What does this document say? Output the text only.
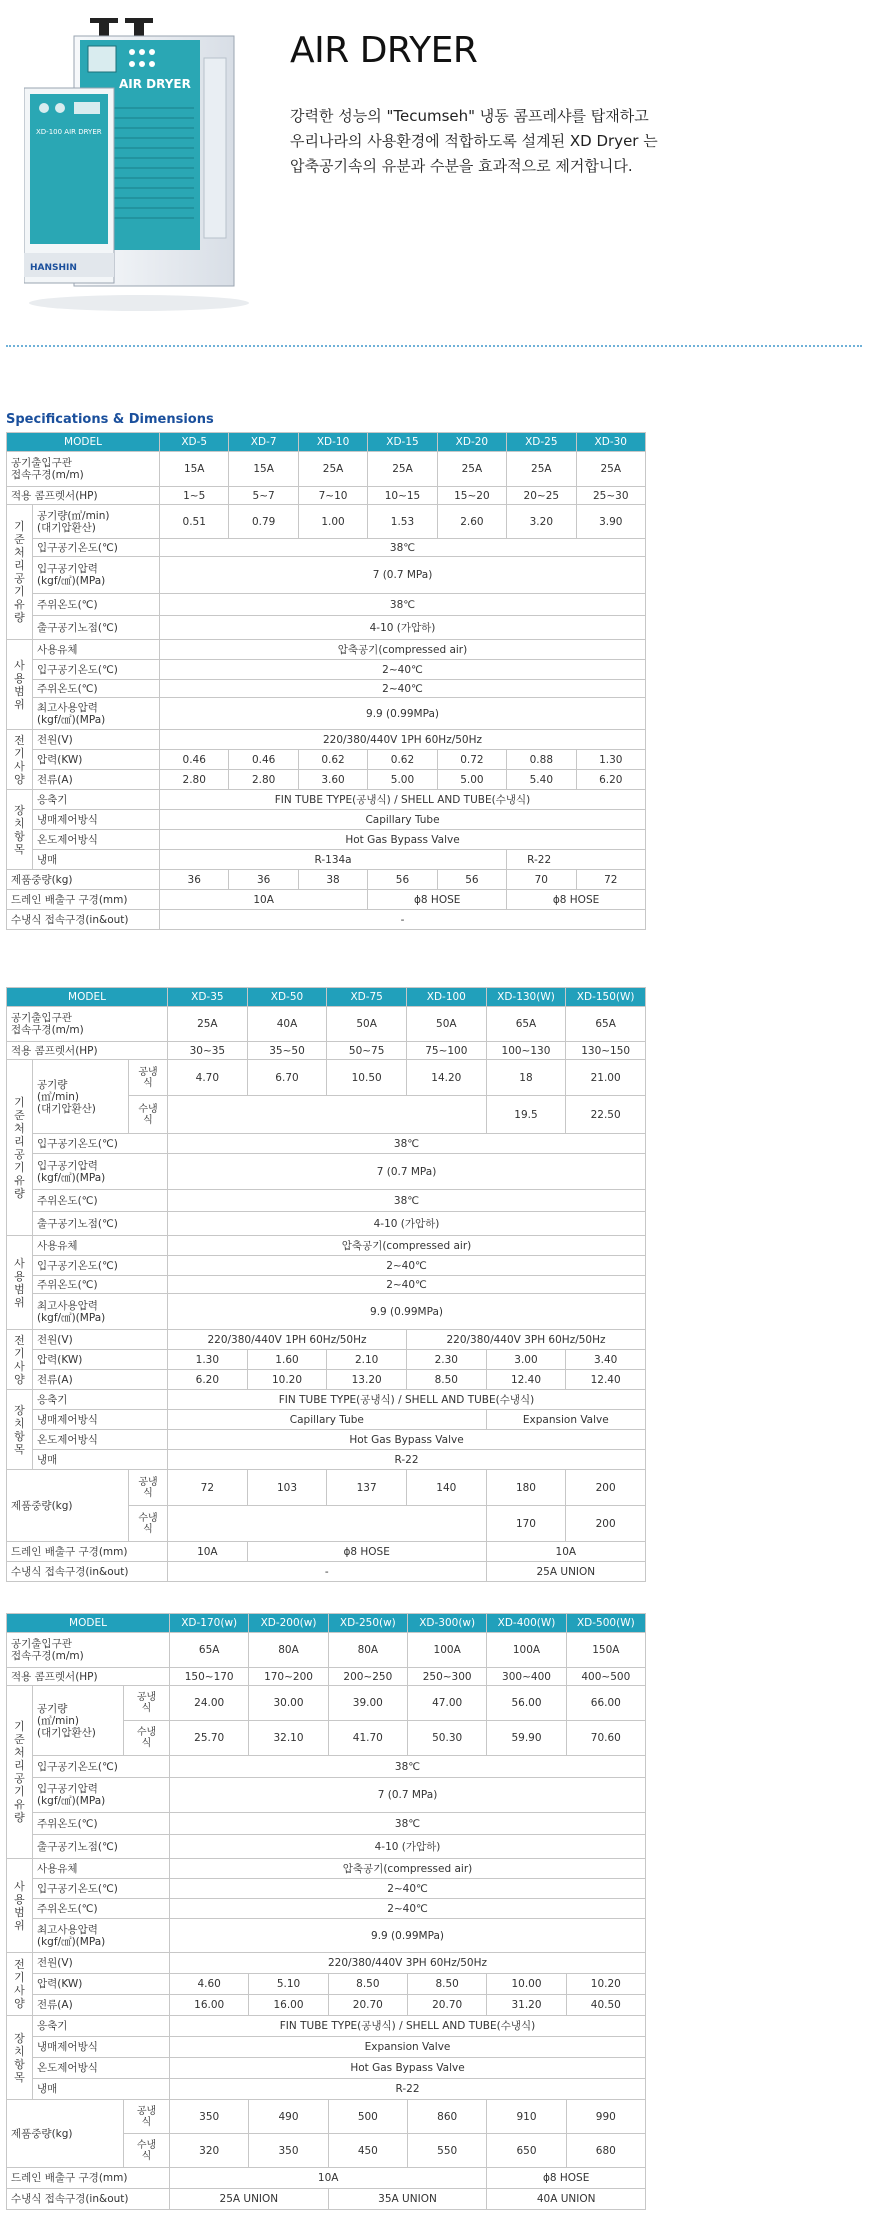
AIR DRYER
XD-100 AIR DRYER
HANSHIN
AIR DRYER
강력한 성능의 "Tecumseh" 냉동 콤프레샤를 탑재하고
우리나라의 사용환경에 적합하도록 설계된 XD Dryer 는
압축공기속의 유분과 수분을 효과적으로 제거합니다.
Specifications & Dimensions
MODEL		XD-5	XD-7	XD-10	XD-15	XD-20	XD-25	XD-30
공기출입구관
접속구경(m/m)		15A	15A	25A	25A	25A	25A	25A
적용 콤프렛서(HP)		1~5	5~7	7~10	10~15	15~20	20~25	25~30
기준
처리
공기
유량	공기량(㎥/min)
(대기압환산)	0.51	0.79	1.00	1.53	2.60	3.20	3.90
	입구공기온도(℃)	38℃						
	입구공기압력
(kgf/㎠)(MPa)	7 (0.7 MPa)						
	주위온도(℃)	38℃						
	출구공기노점(℃)	4-10 (가압하)						
사용
범위	사용유체	압축공기(compressed air)						
	입구공기온도(℃)	2~40℃						
	주위온도(℃)	2~40℃						
	최고사용압력
(kgf/㎠)(MPa)	9.9 (0.99MPa)						
전기
사양	전원(V)	220/380/440V 1PH 60Hz/50Hz						
	압력(KW)	0.46	0.46	0.62	0.62	0.72	0.88	1.30
	전류(A)	2.80	2.80	3.60	5.00	5.00	5.40	6.20
장치
항목	응축기	FIN TUBE TYPE(공냉식) / SHELL AND TUBE(수냉식)						
	냉매제어방식	Capillary Tube						
	온도제어방식	Hot Gas Bypass Valve						
	냉매	R-134a					R-22	
제품중량(kg)		36	36	38	56	56	70	72
드레인 배출구 구경(mm)		10A			ϕ8 HOSE		ϕ8 HOSE	
수냉식 접속구경(in&out)		-						
MODEL			XD-35	XD-50	XD-75	XD-100	XD-130(W)	XD-150(W)
공기출입구관
접속구경(m/m)			25A	40A	50A	50A	65A	65A
적용 콤프렛서(HP)			30~35	35~50	50~75	75~100	100~130	130~150
기준
처리
공기
유량	공기량
(㎥/min)
(대기압환산)	공냉
식	4.70	6.70	10.50	14.20	18	21.00
		수냉
식					19.5	22.50
	입구공기온도(℃)		38℃					
	입구공기압력
(kgf/㎠)(MPa)		7 (0.7 MPa)					
	주위온도(℃)		38℃					
	출구공기노점(℃)		4-10 (가압하)					
사용
범위	사용유체		압축공기(compressed air)					
	입구공기온도(℃)		2~40℃					
	주위온도(℃)		2~40℃					
	최고사용압력
(kgf/㎠)(MPa)		9.9 (0.99MPa)					
전기
사양	전원(V)		220/380/440V 1PH 60Hz/50Hz			220/380/440V 3PH 60Hz/50Hz		
	압력(KW)		1.30	1.60	2.10	2.30	3.00	3.40
	전류(A)		6.20	10.20	13.20	8.50	12.40	12.40
장치
항목	응축기		FIN TUBE TYPE(공냉식) / SHELL AND TUBE(수냉식)					
	냉매제어방식		Capillary Tube				Expansion Valve	
	온도제어방식		Hot Gas Bypass Valve					
	냉매		R-22					
제품중량(kg)		공냉
식	72	103	137	140	180	200
		수냉
식					170	200
드레인 배출구 구경(mm)			10A	ϕ8 HOSE			10A	
수냉식 접속구경(in&out)			-				25A UNION	
MODEL			XD-170(w)	XD-200(w)	XD-250(w)	XD-300(w)	XD-400(W)	XD-500(W)
공기출입구관
접속구경(m/m)			65A	80A	80A	100A	100A	150A
적용 콤프렛서(HP)			150~170	170~200	200~250	250~300	300~400	400~500
기준
처리
공기
유량	공기량
(㎥/min)
(대기압환산)	공냉
식	24.00	30.00	39.00	47.00	56.00	66.00
		수냉
식	25.70	32.10	41.70	50.30	59.90	70.60
	입구공기온도(℃)		38℃					
	입구공기압력
(kgf/㎠)(MPa)		7 (0.7 MPa)					
	주위온도(℃)		38℃					
	출구공기노점(℃)		4-10 (가압하)					
사용
범위	사용유체		압축공기(compressed air)					
	입구공기온도(℃)		2~40℃					
	주위온도(℃)		2~40℃					
	최고사용압력
(kgf/㎠)(MPa)		9.9 (0.99MPa)					
전기
사양	전원(V)		220/380/440V 3PH 60Hz/50Hz					
	압력(KW)		4.60	5.10	8.50	8.50	10.00	10.20
	전류(A)		16.00	16.00	20.70	20.70	31.20	40.50
장치
항목	응축기		FIN TUBE TYPE(공냉식) / SHELL AND TUBE(수냉식)					
	냉매제어방식		Expansion Valve					
	온도제어방식		Hot Gas Bypass Valve					
	냉매		R-22					
제품중량(kg)		공냉
식	350	490	500	860	910	990
		수냉
식	320	350	450	550	650	680
드레인 배출구 구경(mm)			10A				ϕ8 HOSE	
수냉식 접속구경(in&out)			25A UNION		35A UNION		40A UNION	
